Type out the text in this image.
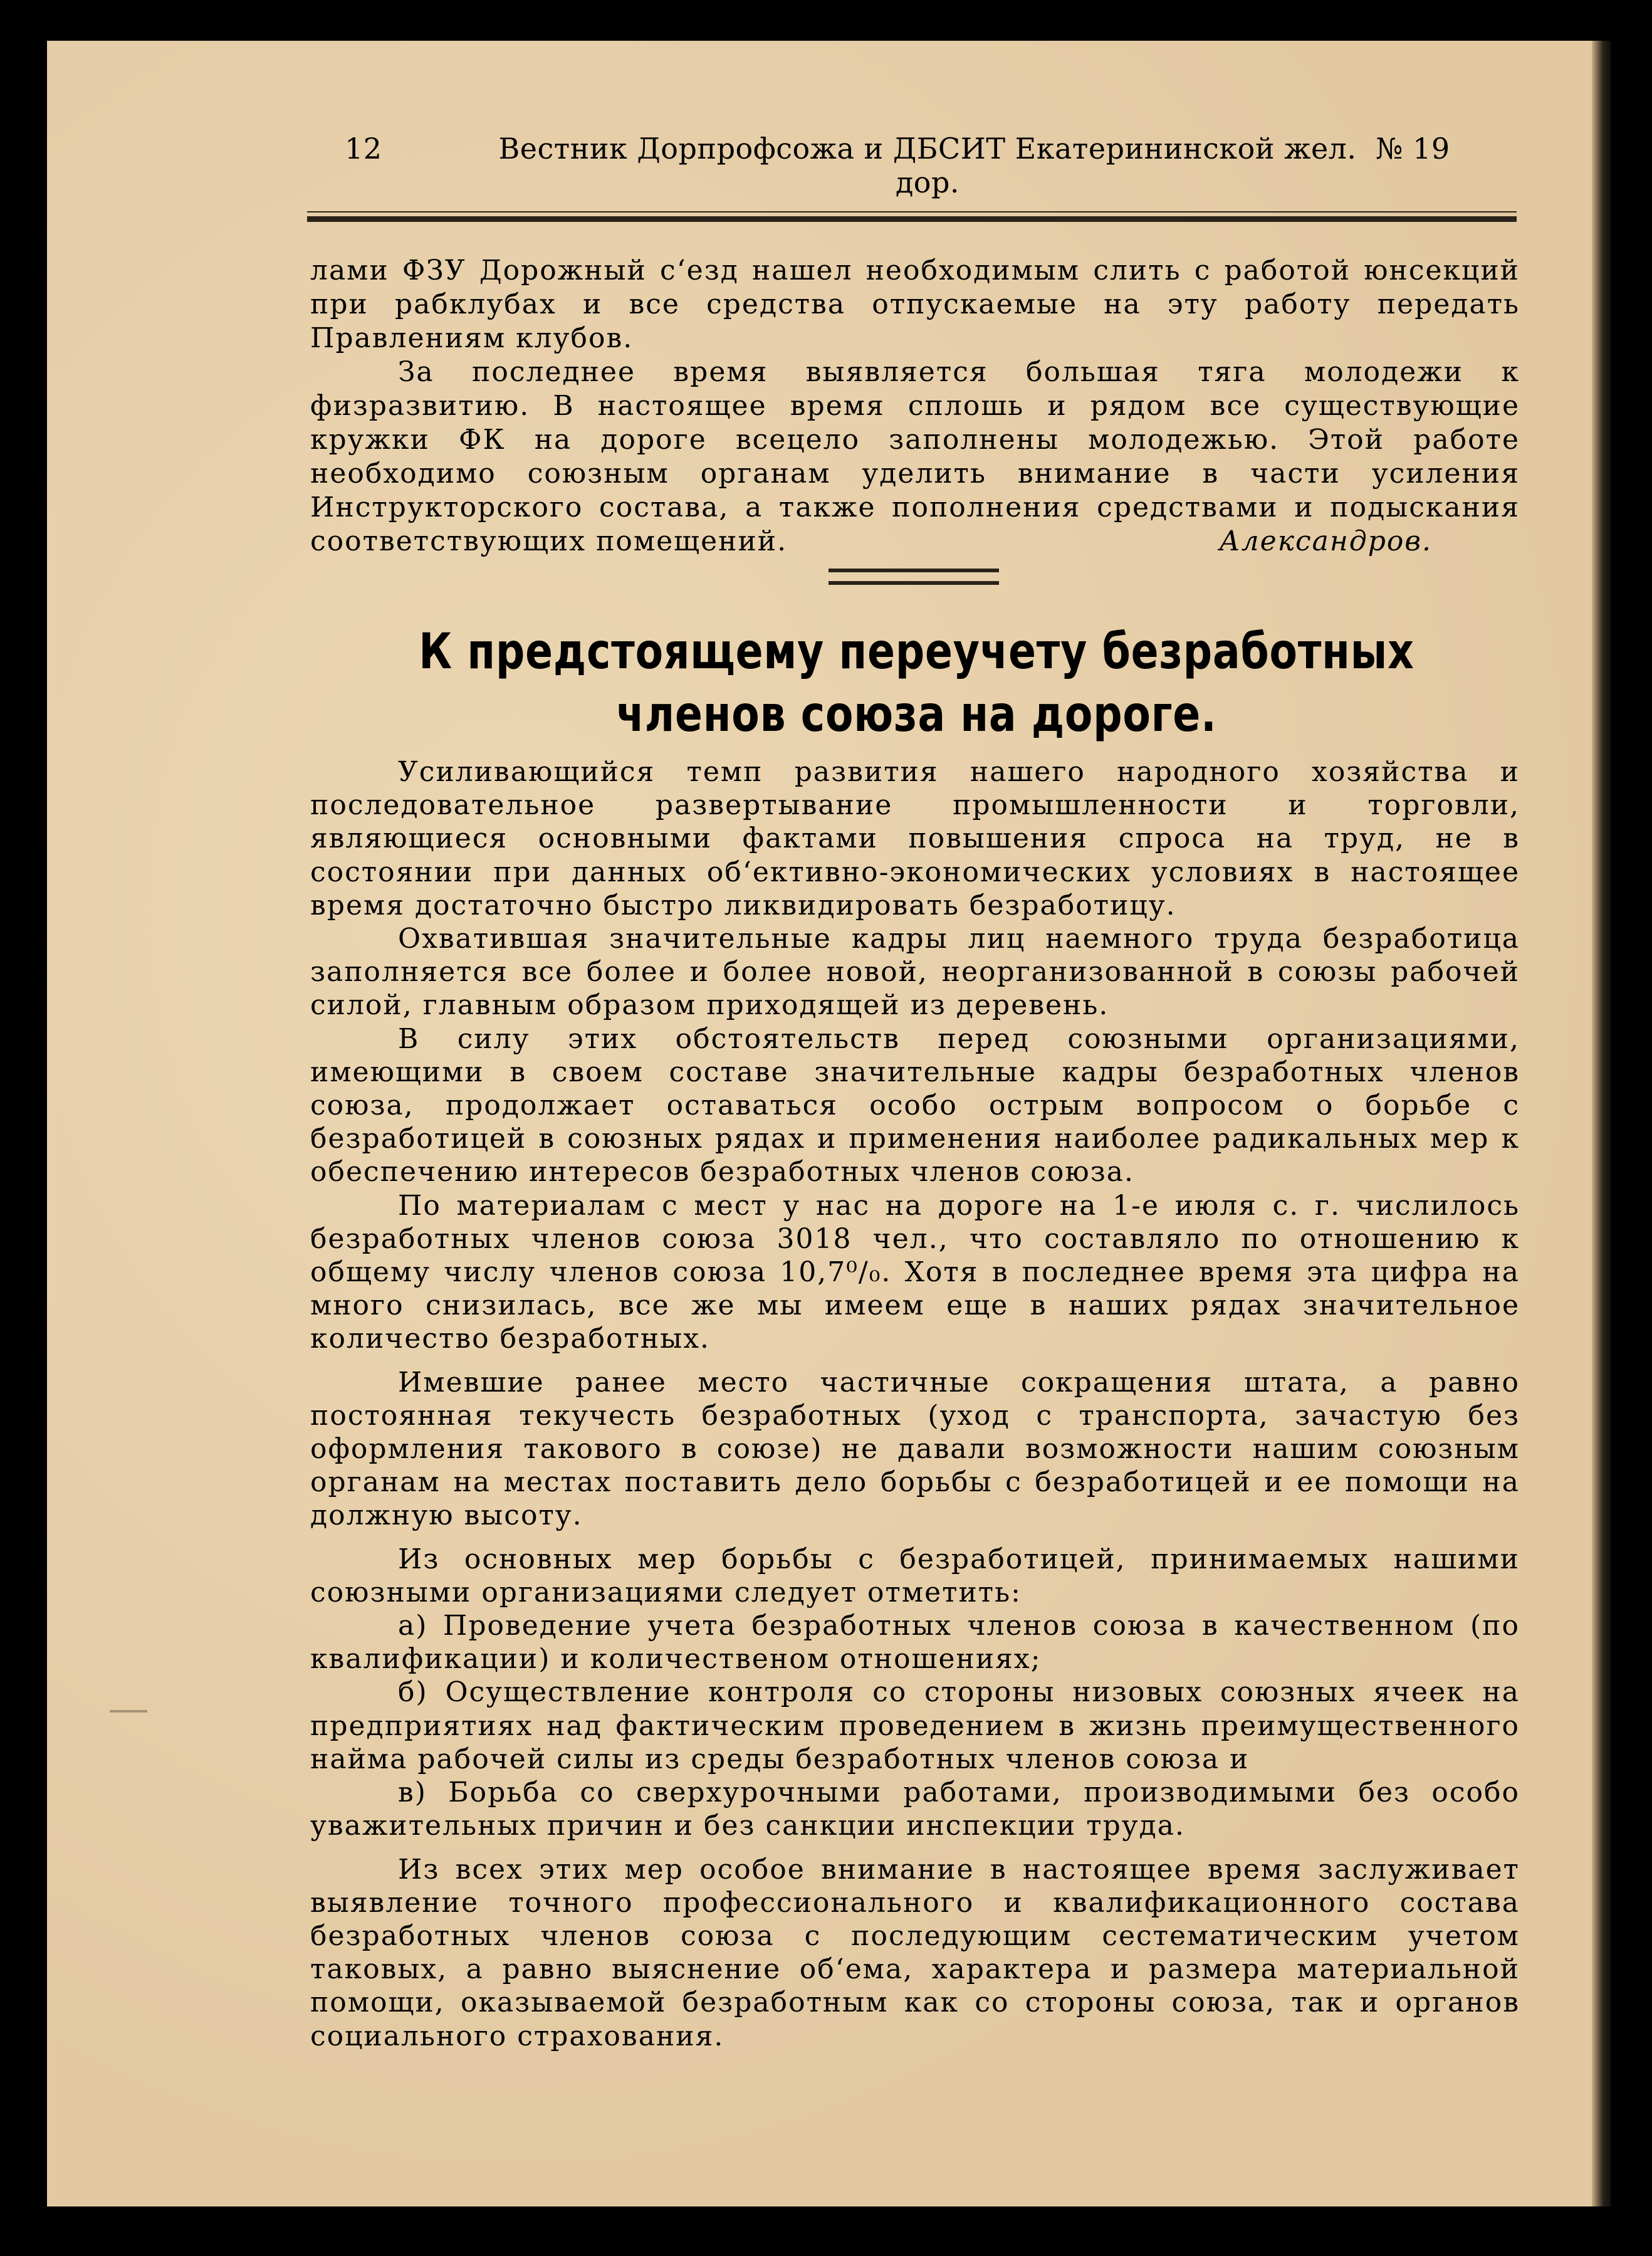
12	Вестник Дорпрофсожа и ДБСИТ Екатерининской жел. дор.
№ 19

лами ФЗУ Дорожный с‘езд нашел необходимым слить с работой юнсекций при рабклубах и все средства отпускаемые на эту работу передать Правлениям клубов.

За последнее время выявляется большая тяга молодежи к физразвитию. В настоящее время сплошь и рядом все существующие кружки ФК на дороге всецело заполнены молодежью. Этой работе необходимо союзным органам уделить внимание в части усиления Инструкторского состава, а также пополнения средствами и подыскания соответствующих помещений.	Александров.

К предстоящему переучету безработных членов союза на дороге.

Усиливающийся темп развития нашего народного хозяйства и последовательное развертывание промышленности и торговли, являющиеся основными фактами повышения спроса на труд, не в состоянии при данных об‘ективно-экономических условиях в настоящее время достаточно быстро ликвидировать безработицу.

Охватившая значительные кадры лиц наемного труда безработица заполняется все более и более новой, неорганизованной в союзы рабочей силой, главным образом приходящей из деревень.

В силу этих обстоятельств перед союзными организациями, имеющими в своем составе значительные кадры безработных членов союза, продолжает оставаться особо острым вопросом о борьбе с безработицей в союзных рядах и применения наиболее радикальных мер к обеспечению интересов безработных членов союза.

По материалам с мест у нас на дороге на 1-е июля с. г. числилось безработных членов союза 3018 чел., что составляло по отношению к общему числу членов союза 10,7⁰/₀. Хотя в последнее время эта цифра на много снизилась, все же мы имеем еще в наших рядах значительное количество безработных.

Имевшие ранее место частичные сокращения штата, а равно постоянная текучесть безработных (уход с транспорта, зачастую без оформления такового в союзе) не давали возможности нашим союзным органам на местах поставить дело борьбы с безработицей и ее помощи на должную высоту.

Из основных мер борьбы с безработицей, принимаемых нашими союзными организациями следует отметить:

а) Проведение учета безработных членов союза в качественном (по квалификации) и количественом отношениях;

б) Осуществление контроля со стороны низовых союзных ячеек на предприятиях над фактическим проведением в жизнь преимущественного найма рабочей силы из среды безработных членов союза и

в) Борьба со сверхурочными работами, производимыми без особо уважительных причин и без санкции инспекции труда.

Из всех этих мер особое внимание в настоящее время заслуживает выявление точного профессионального и квалификационного состава безработных членов союза с последующим сестематическим учетом таковых, а равно выяснение об‘ема, характера и размера материальной помощи, оказываемой безработным как со стороны союза, так и органов социального страхования.
